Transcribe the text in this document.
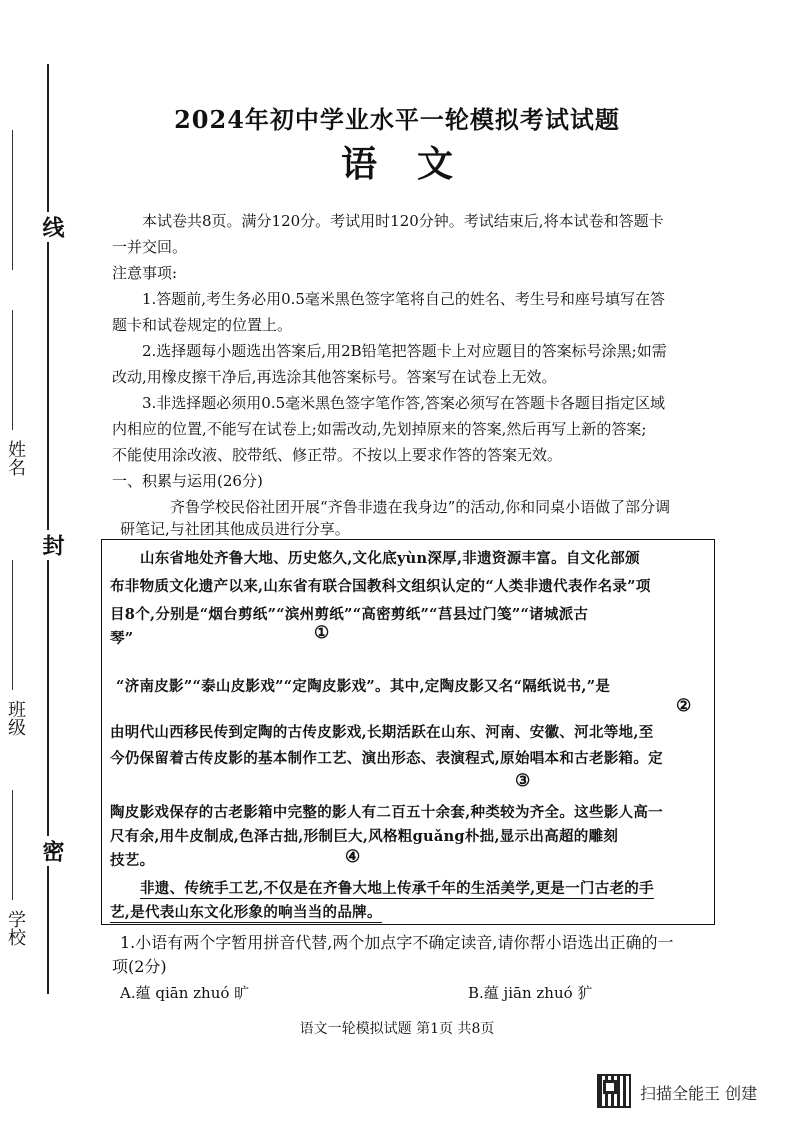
线
封
密
姓名
班级
学校
2024年初中学业水平一轮模拟考试试题
语文
本试卷共8页。满分120分。考试用时120分钟。考试结束后,将本试卷和答题卡
一并交回。
注意事项:
1.答题前,考生务必用0.5毫米黑色签字笔将自己的姓名、考生号和座号填写在答
题卡和试卷规定的位置上。
2.选择题每小题选出答案后,用2B铅笔把答题卡上对应题目的答案标号涂黑;如需
改动,用橡皮擦干净后,再选涂其他答案标号。答案写在试卷上无效。
3.非选择题必须用0.5毫米黑色签字笔作答,答案必须写在答题卡各题目指定区域
内相应的位置,不能写在试卷上;如需改动,先划掉原来的答案,然后再写上新的答案;
不能使用涂改液、胶带纸、修正带。不按以上要求作答的答案无效。
一、积累与运用(26分)
齐鲁学校民俗社团开展“齐鲁非遗在我身边”的活动,你和同桌小语做了部分调
研笔记,与社团其他成员进行分享。
山东省地处齐鲁大地、历史悠久,文化底yùn深厚,非遗资源丰富。自文化部颁
布非物质文化遗产以来,山东省有联合国教科文组织认定的“人类非遗代表作名录”项
目8个,分别是“烟台剪纸”“滨州剪纸”“高密剪纸”“莒县过门笺”“诸城派古
琴”	①
“济南皮影”“泰山皮影戏”“定陶皮影戏”。其中,定陶皮影又名“隔纸说书,”是
②
由明代山西移民传到定陶的古传皮影戏,长期活跃在山东、河南、安徽、河北等地,至
今仍保留着古传皮影的基本制作工艺、演出形态、表演程式,原始唱本和古老影箱。定
③
陶皮影戏保存的古老影箱中完整的影人有二百五十余套,种类较为齐全。这些影人高一
尺有余,用牛皮制成,色泽古拙,形制巨大,风格粗guǎng朴拙,显示出高超的雕刻
技艺。	④
非遗、传统手工艺,不仅是在齐鲁大地上传承千年的生活美学,更是一门古老的手
艺,是代表山东文化形象的响当当的品牌。
1.小语有两个字暂用拼音代替,两个加点字不确定读音,请你帮小语选出正确的一
项(2分)
A.蕴 qiān zhuó 旷	B.蕴 jiān zhuó 犷
语文一轮模拟试题 第1页 共8页
扫描全能王 创建
